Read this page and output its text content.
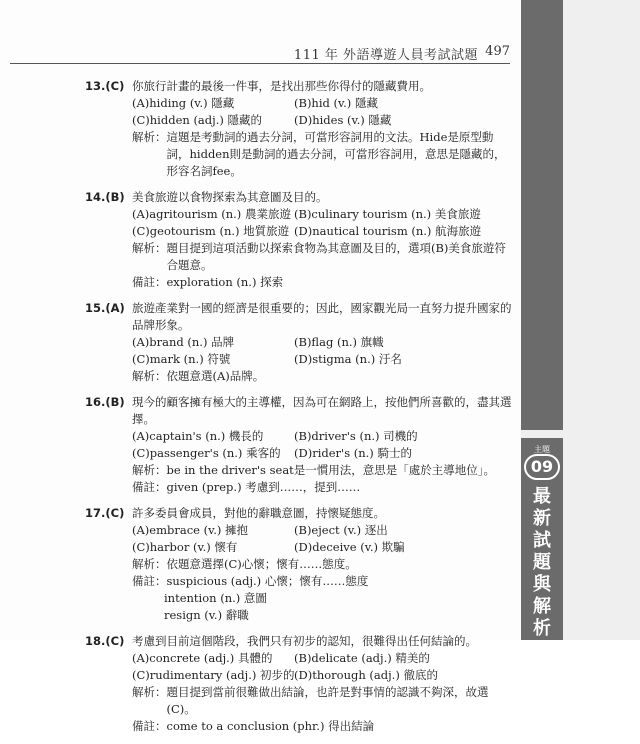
111 年 外語導遊人員考試試題 497
主題
09
最
新
試
題
與
解
析
13.(C) 你旅行計畫的最後一件事，是找出那些你得付的隱藏費用。

(A)hiding (v.) 隱藏	(B)hid (v.) 隱藏
(C)hidden (adj.) 隱藏的	(D)hides (v.) 隱藏
解析： 這題是考動詞的過去分詞，可當形容詞用的文法。Hide是原型動詞，hidden則是動詞的過去分詞，可當形容詞用，意思是隱藏的，形容名詞fee。
14.(B) 美食旅遊以食物探索為其意圖及目的。

(A)agritourism (n.) 農業旅遊 (B)culinary tourism (n.) 美食旅遊
(C)geotourism (n.) 地質旅遊 (D)nautical tourism (n.) 航海旅遊
解析： 題目提到這項活動以探索食物為其意圖及目的，選項(B)美食旅遊符合題意。
備註： exploration (n.) 探索
15.(A) 旅遊產業對一國的經濟是很重要的；因此，國家觀光局一直努力提升國家的品牌形象。

(A)brand (n.) 品牌	(B)flag (n.) 旗幟
(C)mark (n.) 符號	(D)stigma (n.) 汙名
解析： 依題意選(A)品牌。
16.(B) 現今的顧客擁有極大的主導權，因為可在網路上，按他們所喜歡的，盡其選擇。

(A)captain's (n.) 機長的	(B)driver's (n.) 司機的
(C)passenger's (n.) 乘客的	(D)rider's (n.) 騎士的
解析： be in the driver's seat是一慣用法，意思是「處於主導地位」。
備註： given (prep.) 考慮到……，提到……
17.(C) 許多委員會成員，對他的辭職意圖，持懷疑態度。

(A)embrace (v.) 擁抱	(B)eject (v.) 逐出
(C)harbor (v.) 懷有	(D)deceive (v.) 欺騙
解析： 依題意選擇(C)心懷；懷有……態度。
備註： suspicious (adj.) 心懷；懷有……態度
intention (n.) 意圖
resign (v.) 辭職
18.(C) 考慮到目前這個階段，我們只有初步的認知，很難得出任何結論的。

(A)concrete (adj.) 具體的	(B)delicate (adj.) 精美的
(C)rudimentary (adj.) 初步的 (D)thorough (adj.) 徹底的
解析： 題目提到當前很難做出結論，也許是對事情的認識不夠深，故選(C)。
備註： come to a conclusion (phr.) 得出結論
